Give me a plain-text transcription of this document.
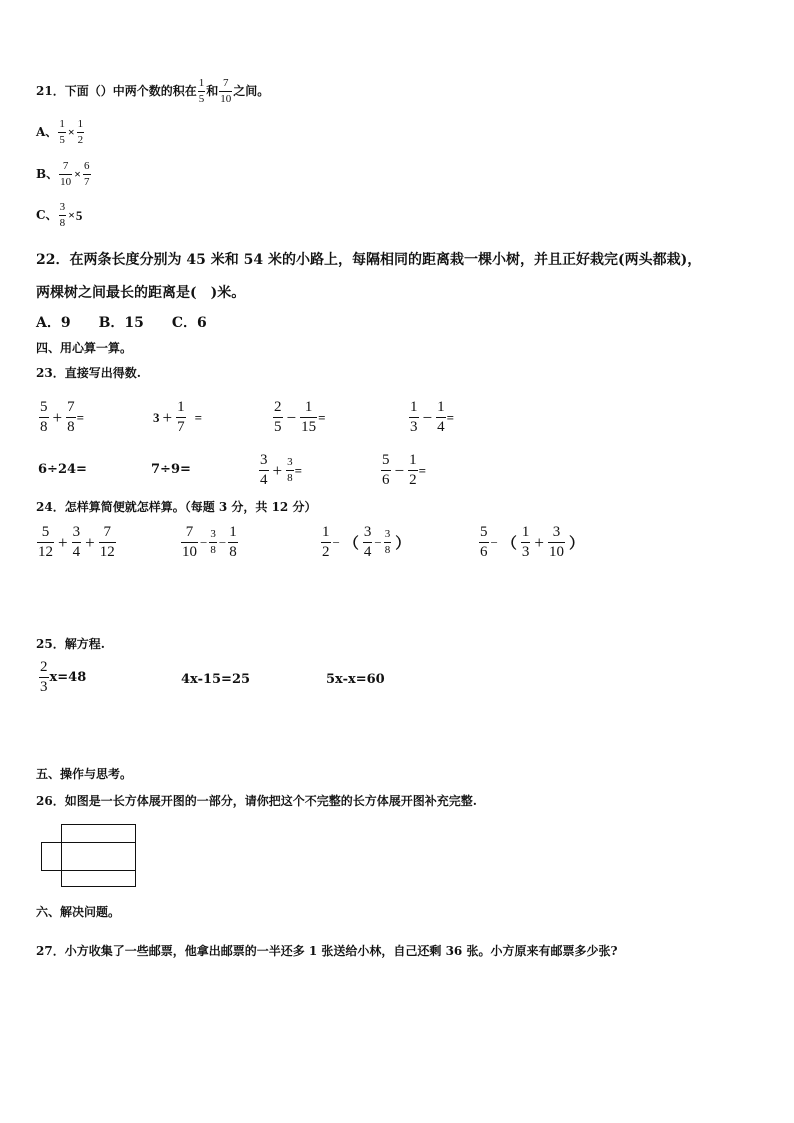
21．下面（）中两个数的积在 $\frac{1}{5}$ 和 $\frac{7}{10}$ 之间。
A、 $\frac{1}{5} \times \frac{1}{2}$
B、 $\frac{7}{10} \times \frac{6}{7}$
C、 $\frac{3}{8} \times 5$
22．在两条长度分别为 45 米和 54 米的小路上，每隔相同的距离栽一棵小树，并且正好栽完(两头都栽)，
两棵树之间最长的距离是(　)米。
A．9　　B．15　　C．6
四、用心算一算。
23．直接写出得数.
$\frac{5}{8} + \frac{7}{8}$ =	$3 + \frac{1}{7}$ =	$\frac{2}{5} - \frac{1}{15}$ =	$\frac{1}{3} - \frac{1}{4}$ =
6÷24=	7÷9=	$\frac{3}{4} + \frac{3}{8}$ =	$\frac{5}{6} - \frac{1}{2}$ =
24．怎样算简便就怎样算。（每题 3 分，共 12 分）
$\frac{5}{12} + \frac{3}{4} + \frac{7}{12}$	$\frac{7}{10} - \frac{3}{8} - \frac{1}{8}$	$\frac{1}{2}$ − （ $\frac{3}{4} - \frac{3}{8}$ ）	$\frac{5}{6}$ − （ $\frac{1}{3} + \frac{3}{10}$ ）
25．解方程.
$\frac{2}{3} x=48$	4x-15=25	5x-x=60
五、操作与思考。
26．如图是一长方体展开图的一部分，请你把这个不完整的长方体展开图补充完整.
六、解决问题。
27．小方收集了一些邮票，他拿出邮票的一半还多 1 张送给小林，自己还剩 36 张。小方原来有邮票多少张?
